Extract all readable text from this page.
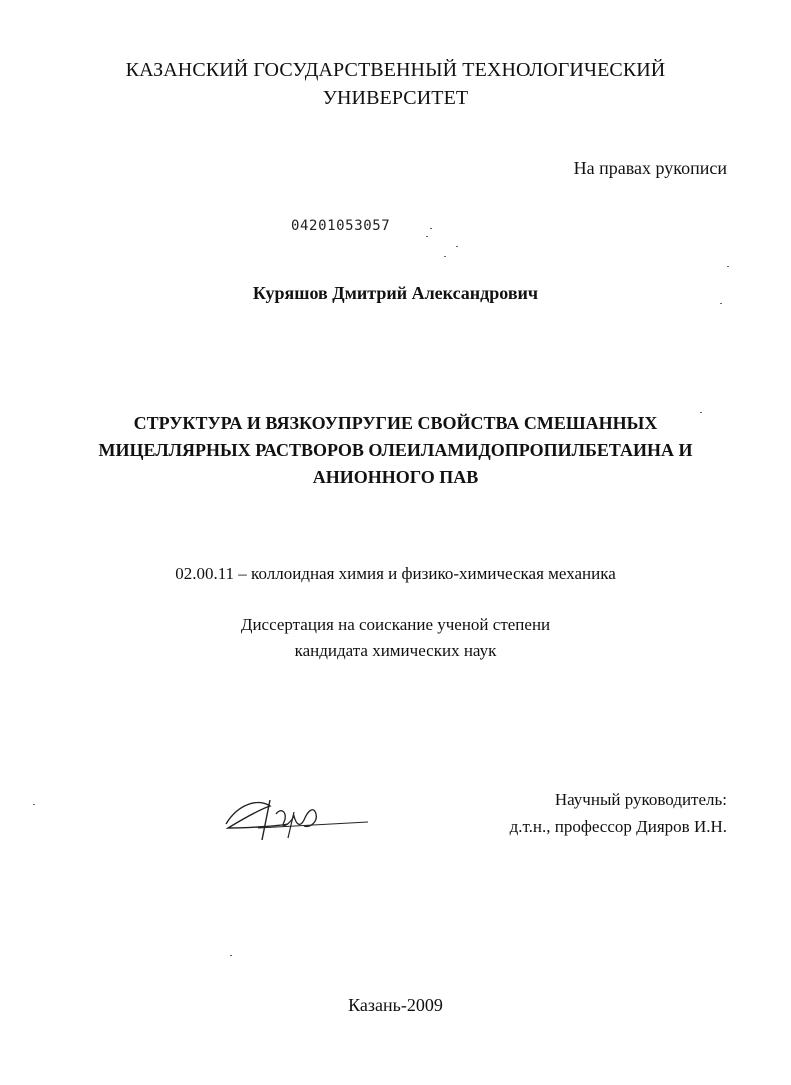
КАЗАНСКИЙ ГОСУДАРСТВЕННЫЙ ТЕХНОЛОГИЧЕСКИЙ
УНИВЕРСИТЕТ
На правах рукописи
04201053057
Куряшов Дмитрий Александрович
СТРУКТУРА И ВЯЗКОУПРУГИЕ СВОЙСТВА СМЕШАННЫХ
МИЦЕЛЛЯРНЫХ РАСТВОРОВ ОЛЕИЛАМИДОПРОПИЛБЕТАИНА И
АНИОННОГО ПАВ
02.00.11 – коллоидная химия и физико-химическая механика
Диссертация на соискание ученой степени
кандидата химических наук
Научный руководитель:
д.т.н., профессор Дияров И.Н.
Казань-2009
